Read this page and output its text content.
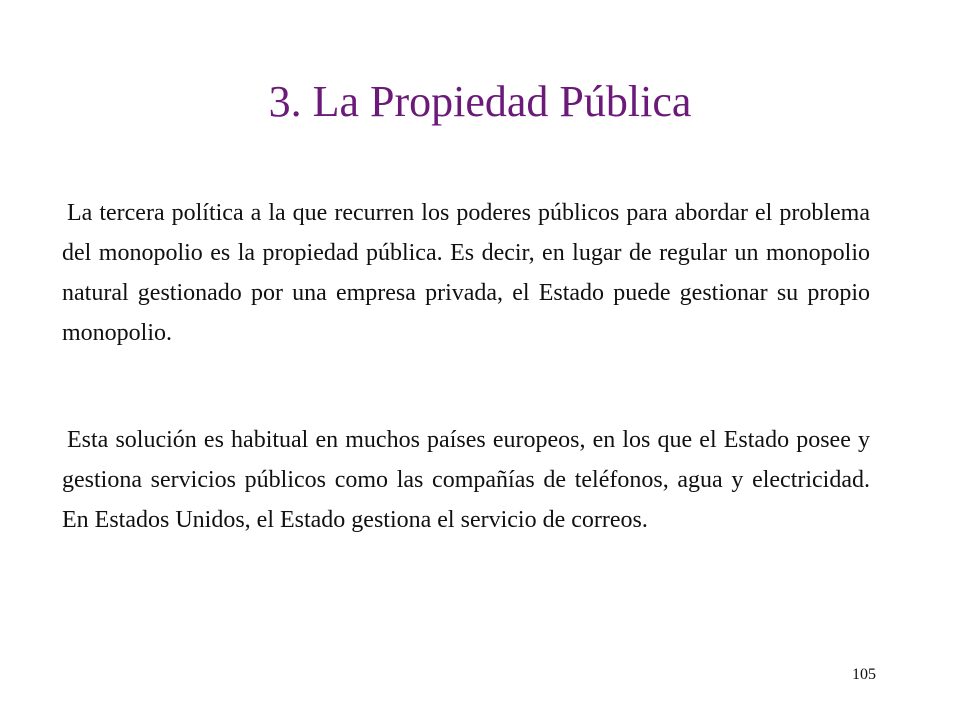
3. La Propiedad Pública

La tercera política a la que recurren los poderes públicos para abordar el problema del monopolio es la propiedad pública. Es decir, en lugar de regular un monopolio natural gestionado por una empresa privada, el Estado puede gestionar su propio monopolio.

Esta solución es habitual en muchos países europeos, en los que el Estado posee y gestiona servicios públicos como las compañías de teléfonos, agua y electricidad. En Estados Unidos, el Estado gestiona el servicio de correos.

105
